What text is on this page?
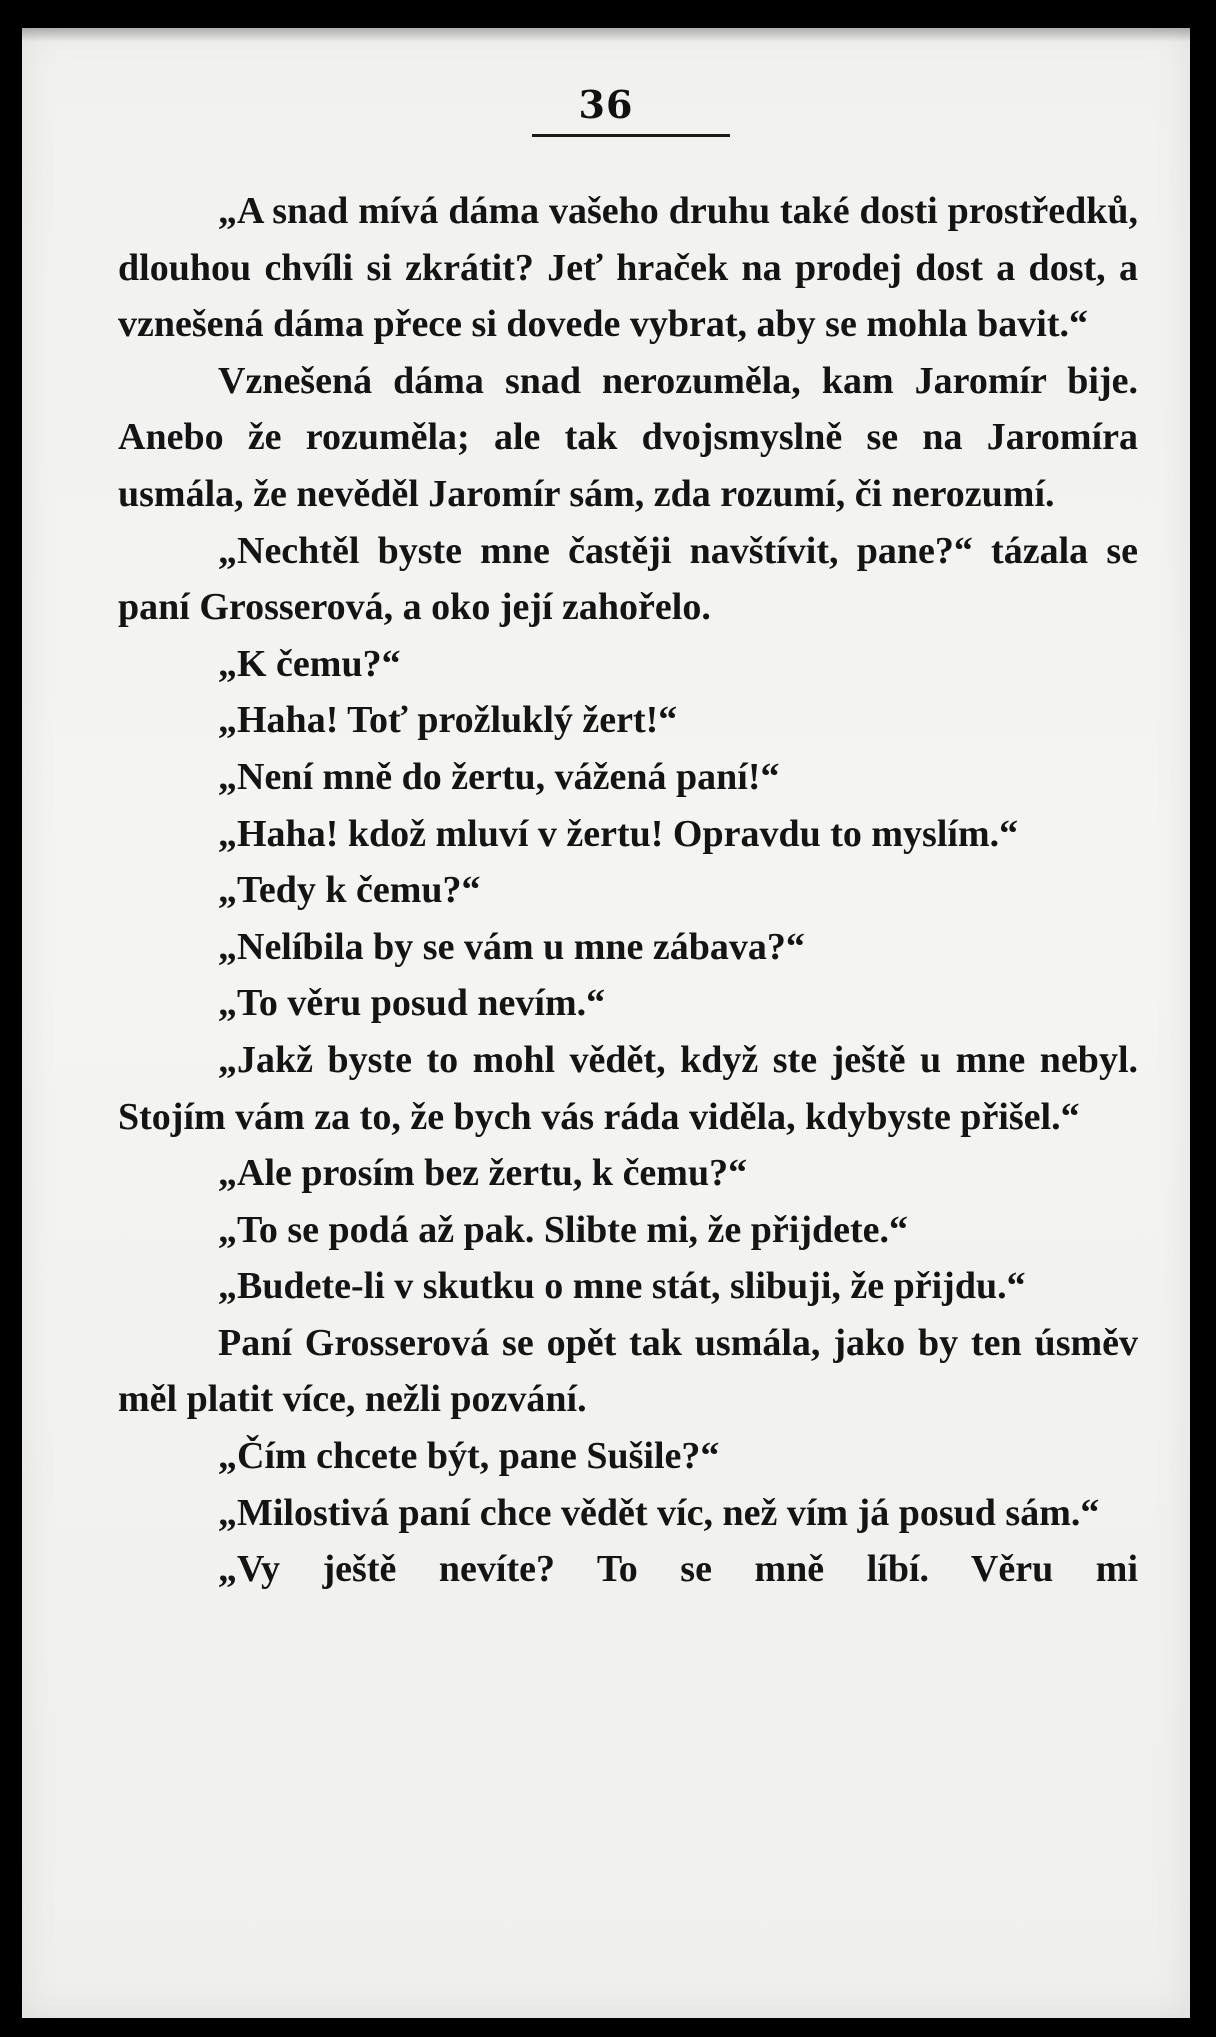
36

„A snad mívá dáma vašeho druhu také dosti prostředků, dlouhou chvíli si zkrátit? Jeť hraček na prodej dost a dost, a vznešená dáma přece si dovede vybrat, aby se mohla bavit.“

Vznešená dáma snad nerozuměla, kam Jaromír bije. Anebo že rozuměla; ale tak dvojsmyslně se na Jaromíra usmála, že nevěděl Jaromír sám, zda rozumí, či nerozumí.

„Nechtěl byste mne častěji navštívit, pane?“ tázala se paní Grosserová, a oko její zahořelo.

„K čemu?“

„Haha! Toť prožluklý žert!“

„Není mně do žertu, vážená paní!“

„Haha! kdož mluví v žertu! Opravdu to myslím.“

„Tedy k čemu?“

„Nelíbila by se vám u mne zábava?“

„To věru posud nevím.“

„Jakž byste to mohl vědět, když ste ještě u mne nebyl. Stojím vám za to, že bych vás ráda viděla, kdybyste přišel.“

„Ale prosím bez žertu, k čemu?“

„To se podá až pak. Slibte mi, že přijdete.“

„Budete-li v skutku o mne stát, slibuji, že přijdu.“

Paní Grosserová se opět tak usmála, jako by ten úsměv měl platit více, nežli pozvání.

„Čím chcete být, pane Sušile?“

„Milostivá paní chce vědět víc, než vím já posud sám.“

„Vy ještě nevíte? To se mně líbí. Věru mi
